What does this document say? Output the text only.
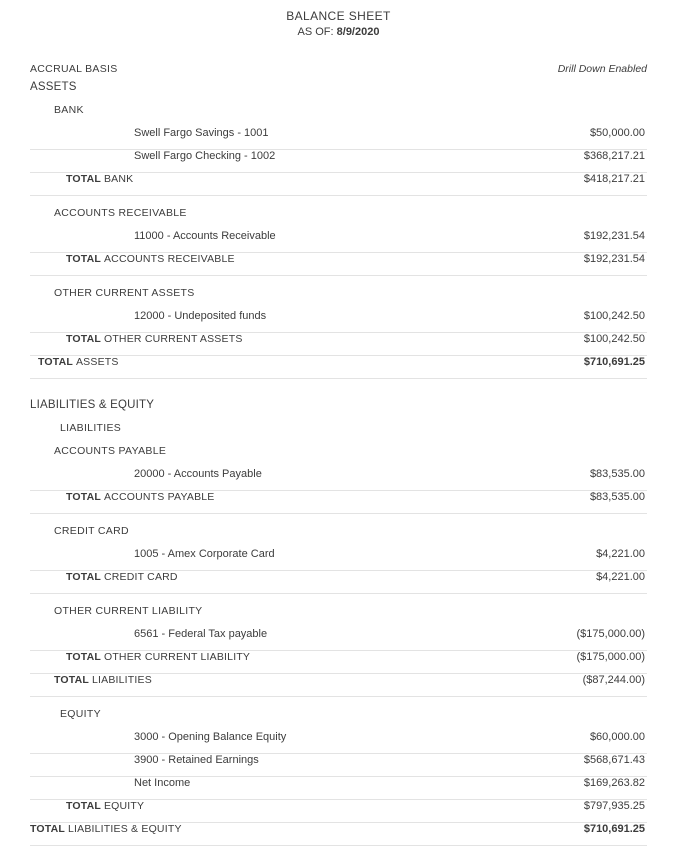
BALANCE SHEET
AS OF: 8/9/2020
ACCRUAL BASIS	Drill Down Enabled
ASSETS
BANK
Swell Fargo Savings - 1001	$50,000.00
Swell Fargo Checking - 1002	$368,217.21
TOTAL BANK	$418,217.21
ACCOUNTS RECEIVABLE
11000 - Accounts Receivable	$192,231.54
TOTAL ACCOUNTS RECEIVABLE	$192,231.54
OTHER CURRENT ASSETS
12000 - Undeposited funds	$100,242.50
TOTAL OTHER CURRENT ASSETS	$100,242.50
TOTAL ASSETS	$710,691.25
LIABILITIES & EQUITY
LIABILITIES
ACCOUNTS PAYABLE
20000 - Accounts Payable	$83,535.00
TOTAL ACCOUNTS PAYABLE	$83,535.00
CREDIT CARD
1005 - Amex Corporate Card	$4,221.00
TOTAL CREDIT CARD	$4,221.00
OTHER CURRENT LIABILITY
6561 - Federal Tax payable	($175,000.00)
TOTAL OTHER CURRENT LIABILITY	($175,000.00)
TOTAL LIABILITIES	($87,244.00)
EQUITY
3000 - Opening Balance Equity	$60,000.00
3900 - Retained Earnings	$568,671.43
Net Income	$169,263.82
TOTAL EQUITY	$797,935.25
TOTAL LIABILITIES & EQUITY	$710,691.25
